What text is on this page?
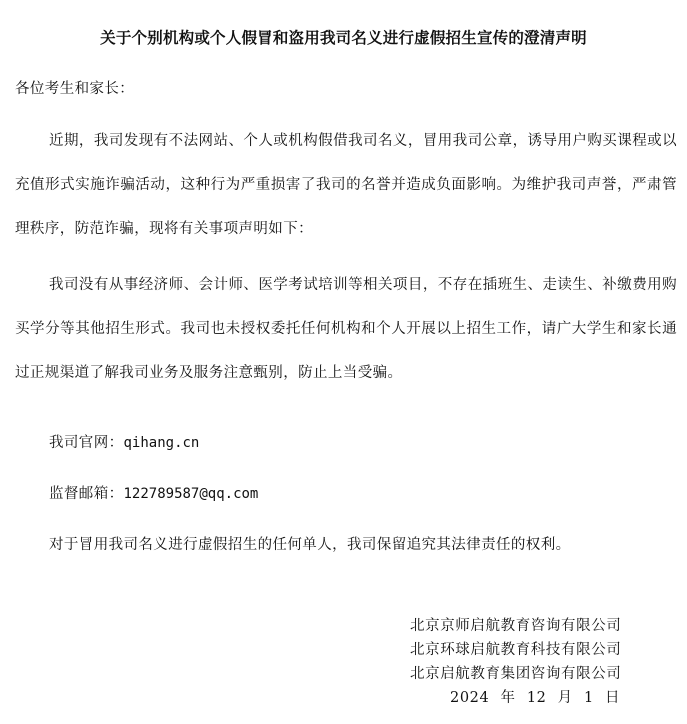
关于个别机构或个人假冒和盗用我司名义进行虚假招生宣传的澄清声明
各位考生和家长：
近期，我司发现有不法网站、个人或机构假借我司名义，冒用我司公章，诱导用户购买课程或以充值形式实施诈骗活动，这种行为严重损害了我司的名誉并造成负面影响。为维护我司声誉，严肃管理秩序，防范诈骗，现将有关事项声明如下：
我司没有从事经济师、会计师、医学考试培训等相关项目，不存在插班生、走读生、补缴费用购买学分等其他招生形式。我司也未授权委托任何机构和个人开展以上招生工作，请广大学生和家长通过正规渠道了解我司业务及服务注意甄别，防止上当受骗。
我司官网：qihang.cn
监督邮箱：122789587@qq.com
对于冒用我司名义进行虚假招生的任何单人，我司保留追究其法律责任的权利。
北京京师启航教育咨询有限公司
北京环球启航教育科技有限公司
北京启航教育集团咨询有限公司
2024 年 12 月 1 日
